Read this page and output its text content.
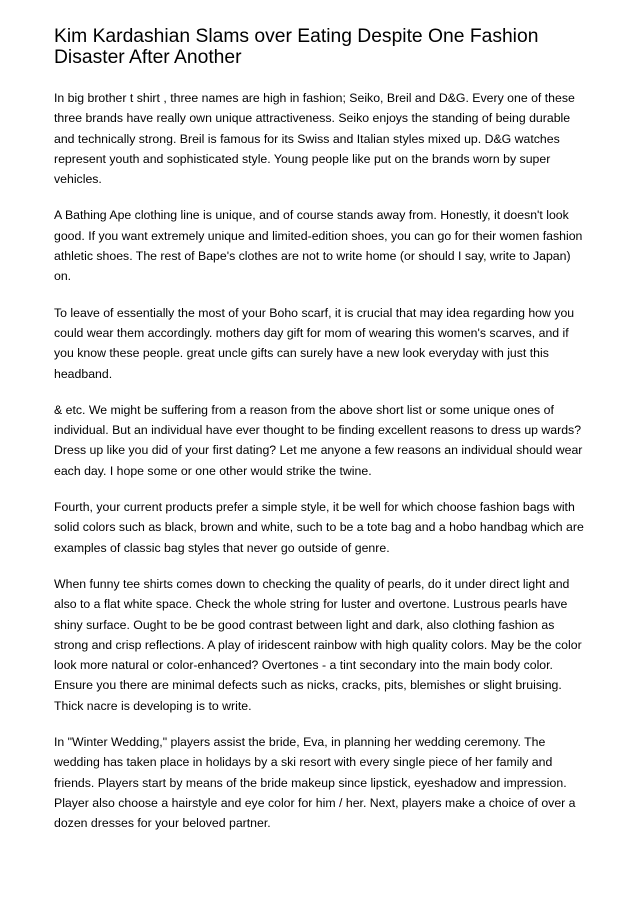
Kim Kardashian Slams over Eating Despite One Fashion Disaster After Another

In big brother t shirt , three names are high in fashion; Seiko, Breil and D&G. Every one of these three brands have really own unique attractiveness. Seiko enjoys the standing of being durable and technically strong. Breil is famous for its Swiss and Italian styles mixed up. D&G watches represent youth and sophisticated style. Young people like put on the brands worn by super vehicles.

A Bathing Ape clothing line is unique, and of course stands away from. Honestly, it doesn't look good. If you want extremely unique and limited-edition shoes, you can go for their women fashion athletic shoes. The rest of Bape's clothes are not to write home (or should I say, write to Japan) on.

To leave of essentially the most of your Boho scarf, it is crucial that may idea regarding how you could wear them accordingly. mothers day gift for mom of wearing this women's scarves, and if you know these people. great uncle gifts can surely have a new look everyday with just this headband.

& etc. We might be suffering from a reason from the above short list or some unique ones of individual. But an individual have ever thought to be finding excellent reasons to dress up wards? Dress up like you did of your first dating? Let me anyone a few reasons an individual should wear each day. I hope some or one other would strike the twine.

Fourth, your current products prefer a simple style, it be well for which choose fashion bags with solid colors such as black, brown and white, such to be a tote bag and a hobo handbag which are examples of classic bag styles that never go outside of genre.

When funny tee shirts comes down to checking the quality of pearls, do it under direct light and also to a flat white space. Check the whole string for luster and overtone. Lustrous pearls have shiny surface. Ought to be be good contrast between light and dark, also clothing fashion as strong and crisp reflections. A play of iridescent rainbow with high quality colors. May be the color look more natural or color-enhanced? Overtones - a tint secondary into the main body color. Ensure you there are minimal defects such as nicks, cracks, pits, blemishes or slight bruising. Thick nacre is developing is to write.

In "Winter Wedding," players assist the bride, Eva, in planning her wedding ceremony. The wedding has taken place in holidays by a ski resort with every single piece of her family and friends. Players start by means of the bride makeup since lipstick, eyeshadow and impression. Player also choose a hairstyle and eye color for him / her. Next, players make a choice of over a dozen dresses for your beloved partner.
